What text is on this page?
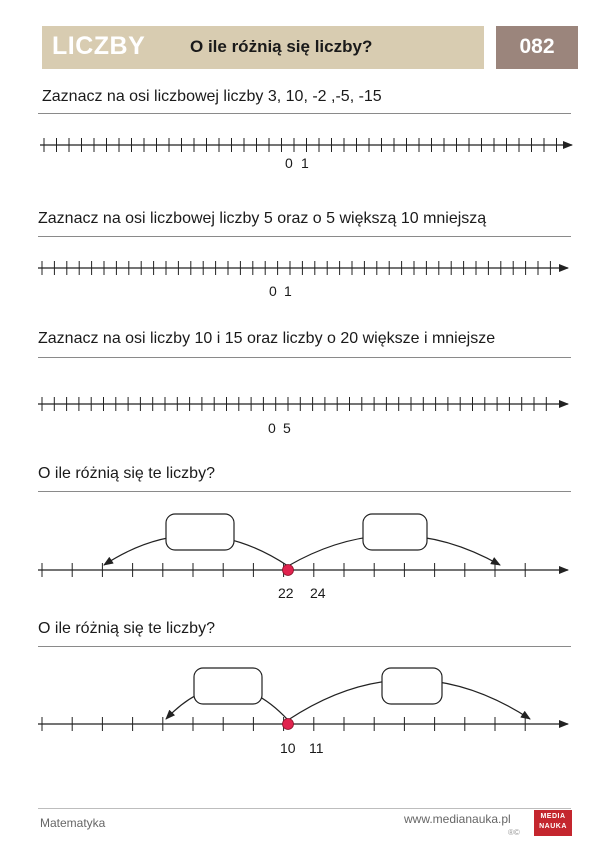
LICZBY	O ile różnią się liczby?	082
Zaznacz na osi liczbowej liczby 3, 10, -2 ,-5, -15
Zaznacz na osi liczbowej liczby 5 oraz o 5 większą 10 mniejszą
Zaznacz na osi liczby 10 i 15 oraz liczby o 20 większe i mniejsze
O ile różnią się te liczby?
O ile różnią się te liczby?
0 1
0 1
0 5
22 24
10 11
Matematyka	www.medianauka.pl
®©
MEDIA
NAUKA
